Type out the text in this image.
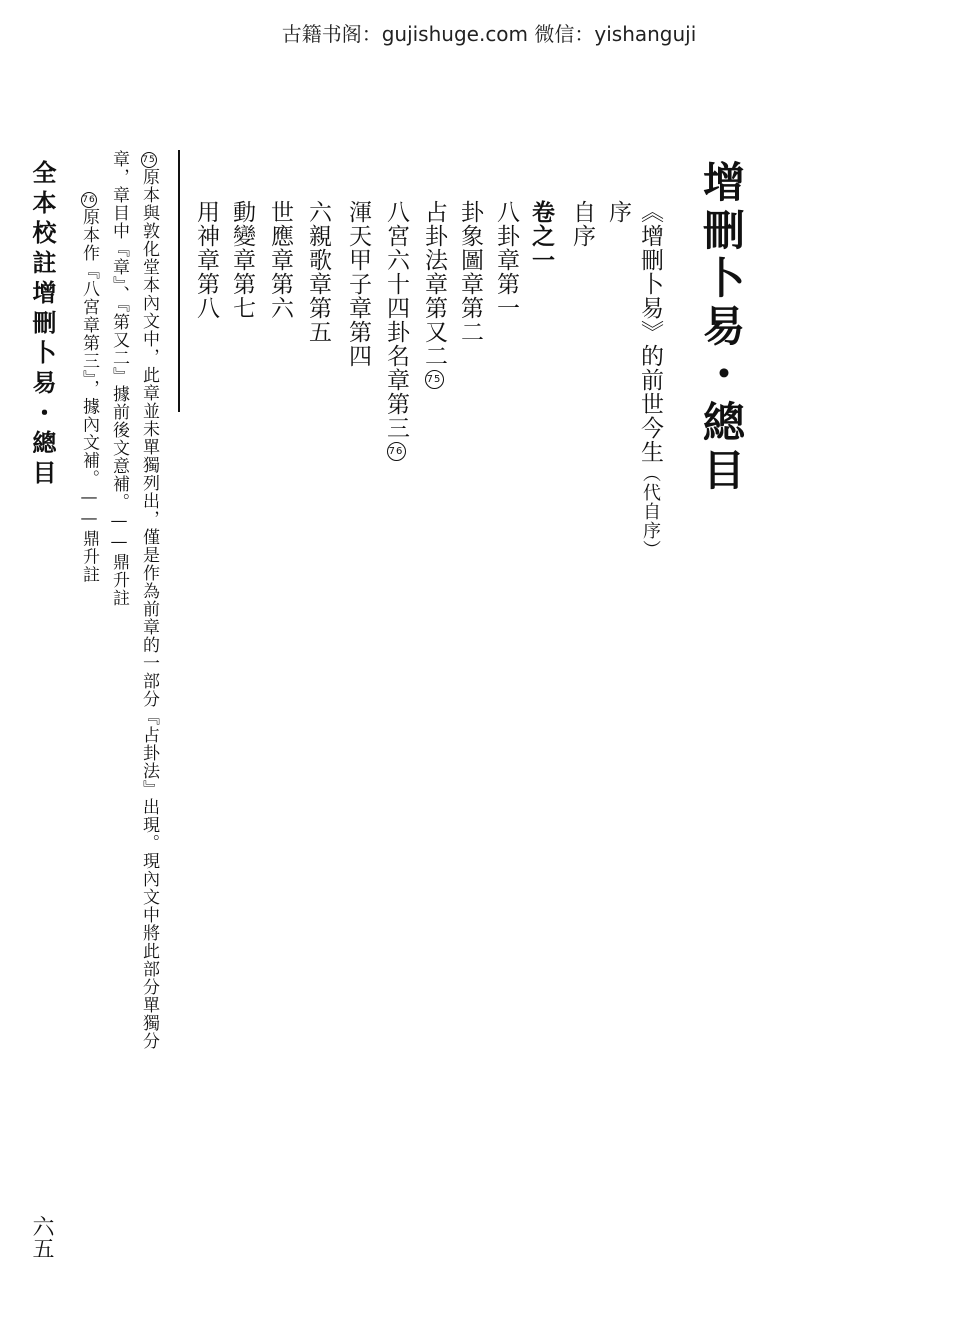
古籍书阁：gujishuge.com 微信：yishanguji
增刪卜易・總目
序 《增刪卜易》的前世今生（代自序）
自序
卷之一
八卦章第一
卦象圖章第二
占卦法章第又二75
八宮六十四卦名章第三76
渾天甲子章第四
六親歌章第五
世應章第六
動變章第七
用神章第八
75原本與敦化堂本內文中，此章並未單獨列出，僅是作為前章的一部分『占卦法』出現。現內文中將此部分單獨分
章，章目中『章』、『第又二』據前後文意補。——鼎升註
76原本作『八宮章第三』，據內文補。——鼎升註
全本校註增刪卜易・總目
六五
